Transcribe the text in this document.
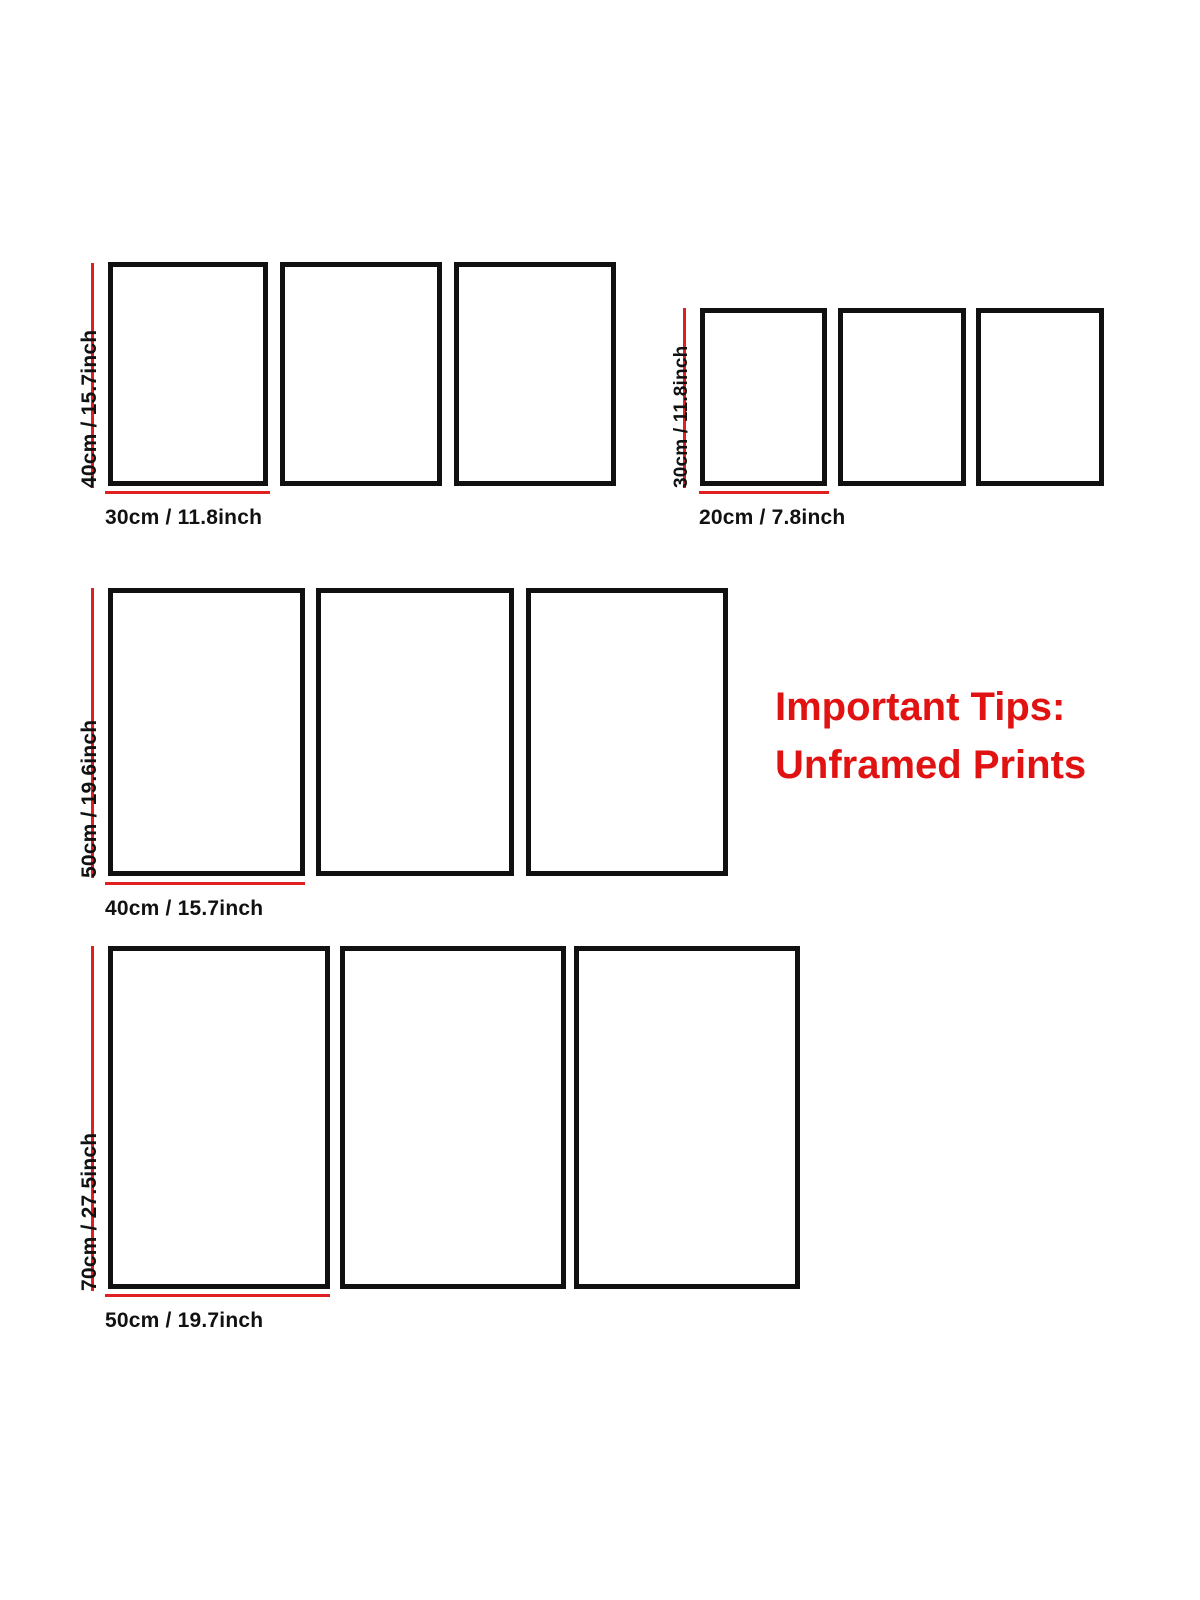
40cm / 15.7inch
30cm / 11.8inch
30cm / 11.8inch
20cm / 7.8inch
50cm / 19.6inch
40cm / 15.7inch
70cm / 27.5inch
50cm / 19.7inch
Important Tips:
Unframed Prints
